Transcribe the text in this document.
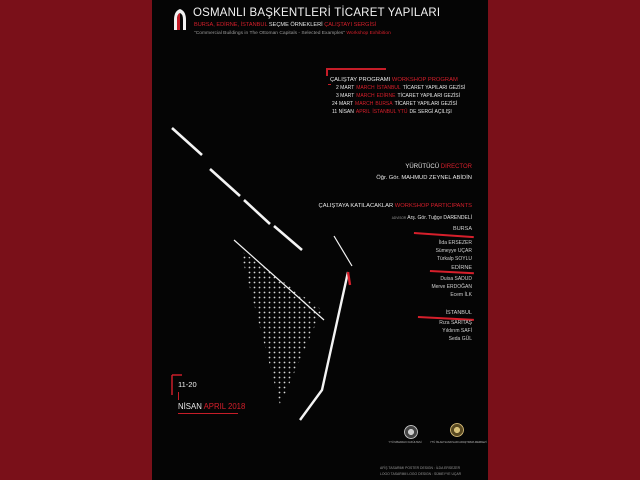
OSMANLI BAŞKENTLERİ TİCARET YAPILARI
BURSA, EDİRNE, İSTANBUL SEÇME ÖRNEKLERİ ÇALIŞTAYI SERGİSİ
"Commercial Buildings in The Ottoman Capitals - Selected Examples" Workshop Exhibition
ÇALIŞTAY PROGRAMI WORKSHOP PROGRAM
2 MART MARCH İSTANBUL TİCARET YAPILARI GEZİSİ
3 MART MARCH EDİRNE TİCARET YAPILARI GEZİSİ
24 MART MARCH BURSA TİCARET YAPILARI GEZİSİ
11 NİSAN APRIL İSTANBUL YTÜ DE SERGİ AÇILIŞI
YÜRÜTÜCÜ DIRECTOR
Öğr. Gör. MAHMUD ZEYNEL ABİDİN
ÇALIŞTAYA KATILACAKLAR WORKSHOP PARTICIPANTS
ADVISOR Arş. Gör. Tuğçe DARENDELİ
BURSA
İlda ERSEZER
Sümeyye UÇAR
Türkalp SOYLU
EDİRNE
Duisa SADUD
Merve ERDOĞAN
Ecem İLK
İSTANBUL
Rıza SARITAŞ
Yıldırım SAFİ
Seda GÜL
11-20
NİSAN APRIL 2018
YTÜ MİMARLIK FAKÜLTESİ	YTÜ İSLAM SANATLARI ARAŞTIRMA MERKEZİ
AFİŞ TASARIMI POSTER DESIGN : İLDA ERSEZER
LOGO TASARIMI LOGO DESIGN : SÜMEYYE UÇAR
